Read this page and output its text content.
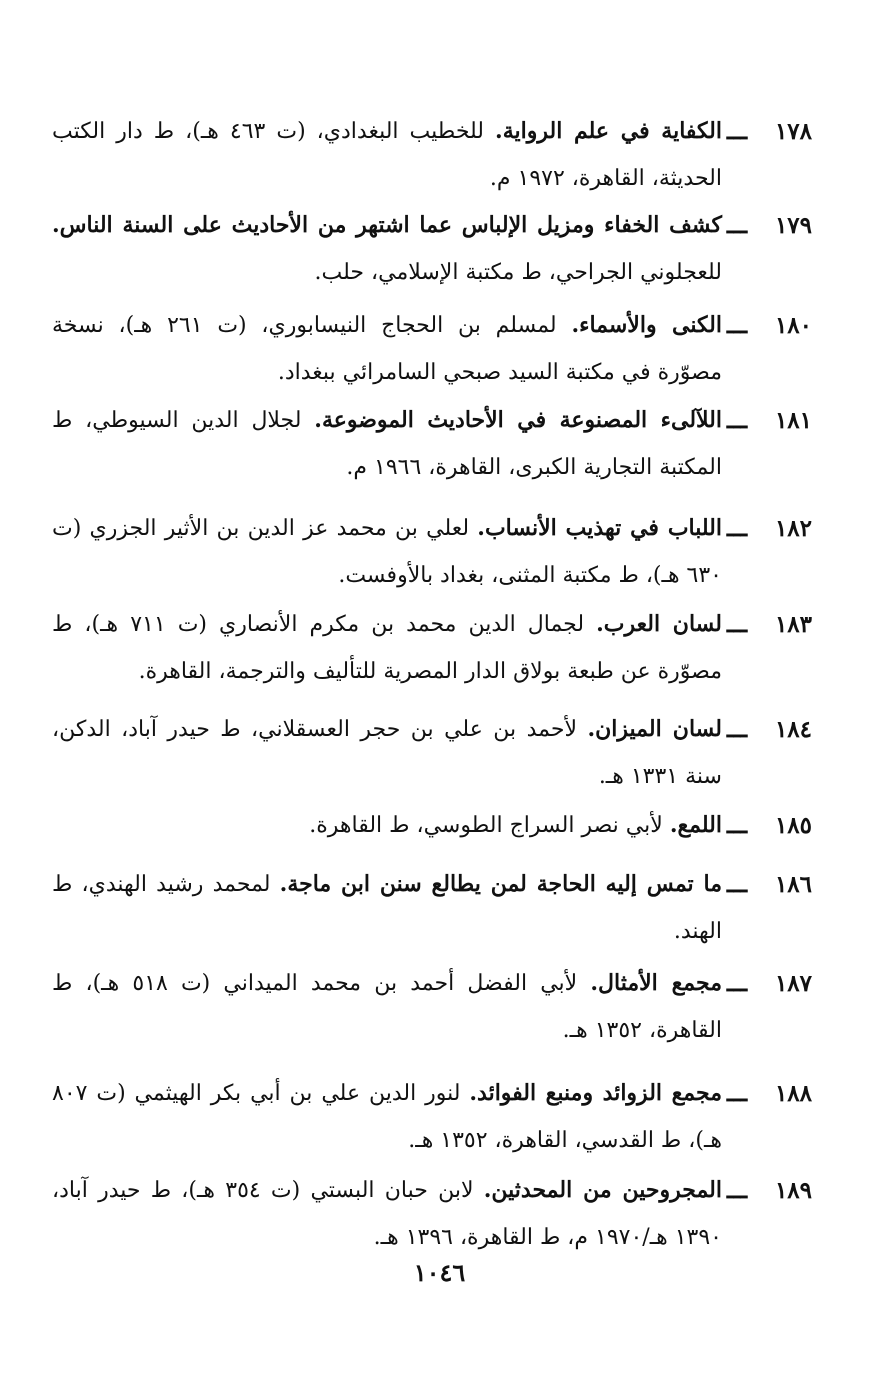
١٧٨
ـــ
الكفاية في علم الرواية. للخطيب البغدادي، (ت ٤٦٣ هـ)، ط دار الكتب الحديثة، القاهرة، ١٩٧٢ م.
١٧٩
ـــ
كشف الخفاء ومزيل الإلباس عما اشتهر من الأحاديث على السنة الناس. للعجلوني الجراحي، ط مكتبة الإسلامي، حلب.
١٨٠
ـــ
الكنى والأسماء. لمسلم بن الحجاج النيسابوري، (ت ٢٦١ هـ)، نسخة مصوّرة في مكتبة السيد صبحي السامرائي ببغداد.
١٨١
ـــ
اللآلىء المصنوعة في الأحاديث الموضوعة. لجلال الدين السيوطي، ط المكتبة التجارية الكبرى، القاهرة، ١٩٦٦ م.
١٨٢
ـــ
اللباب في تهذيب الأنساب. لعلي بن محمد عز الدين بن الأثير الجزري (ت ٦٣٠ هـ)، ط مكتبة المثنى، بغداد بالأوفست.
١٨٣
ـــ
لسان العرب. لجمال الدين محمد بن مكرم الأنصاري (ت ٧١١ هـ)، ط مصوّرة عن طبعة بولاق الدار المصرية للتأليف والترجمة، القاهرة.
١٨٤
ـــ
لسان الميزان. لأحمد بن علي بن حجر العسقلاني، ط حيدر آباد، الدكن، سنة ١٣٣١ هـ.
١٨٥
ـــ
اللمع. لأبي نصر السراج الطوسي، ط القاهرة.
١٨٦
ـــ
ما تمس إليه الحاجة لمن يطالع سنن ابن ماجة. لمحمد رشيد الهندي، ط الهند.
١٨٧
ـــ
مجمع الأمثال. لأبي الفضل أحمد بن محمد الميداني (ت ٥١٨ هـ)، ط القاهرة، ١٣٥٢ هـ.
١٨٨
ـــ
مجمع الزوائد ومنبع الفوائد. لنور الدين علي بن أبي بكر الهيثمي (ت ٨٠٧ هـ)، ط القدسي، القاهرة، ١٣٥٢ هـ.
١٨٩
ـــ
المجروحين من المحدثين. لابن حبان البستي (ت ٣٥٤ هـ)، ط حيدر آباد، ١٣٩٠ هـ/١٩٧٠ م، ط القاهرة، ١٣٩٦ هـ.
١٠٤٦
